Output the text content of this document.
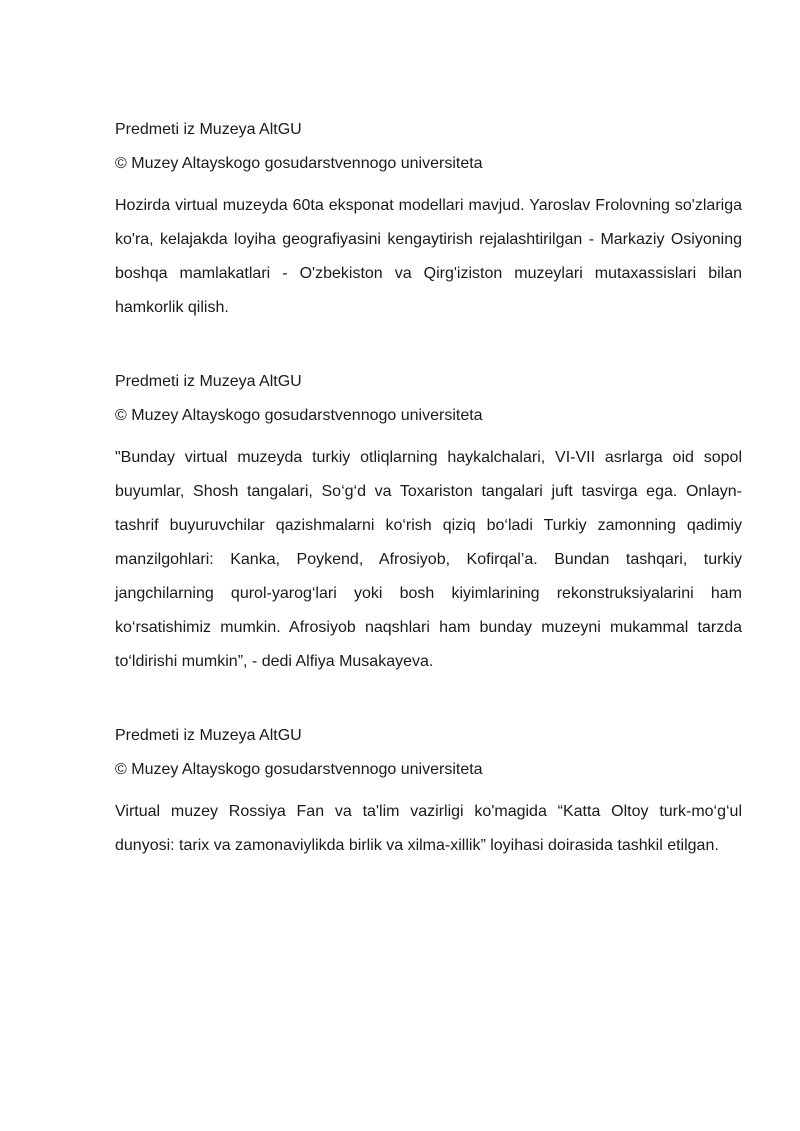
Predmeti iz Muzeya AltGU

© Muzey Altayskogo gosudarstvennogo universiteta

Hozirda virtual muzeyda 60ta eksponat modellari mavjud. Yaroslav Frolovning so'zlariga ko'ra, kelajakda loyiha geografiyasini kengaytirish rejalashtirilgan - Markaziy Osiyoning boshqa mamlakatlari - O'zbekiston va Qirg'iziston muzeylari mutaxassislari bilan hamkorlik qilish.

Predmeti iz Muzeya AltGU

© Muzey Altayskogo gosudarstvennogo universiteta

"Bunday virtual muzeyda turkiy otliqlarning haykalchalari, VI-VII asrlarga oid sopol buyumlar, Shosh tangalari, So‘g‘d va Toxariston tangalari juft tasvirga ega. Onlayn-tashrif buyuruvchilar qazishmalarni ko‘rish qiziq bo‘ladi Turkiy zamonning qadimiy manzilgohlari: Kanka, Poykend, Afrosiyob, Kofirqal’a. Bundan tashqari, turkiy jangchilarning qurol-yarog‘lari yoki bosh kiyimlarining rekonstruksiyalarini ham ko‘rsatishimiz mumkin. Afrosiyob naqshlari ham bunday muzeyni mukammal tarzda to‘ldirishi mumkin”, - dedi Alfiya Musakayeva.

Predmeti iz Muzeya AltGU

© Muzey Altayskogo gosudarstvennogo universiteta

Virtual muzey Rossiya Fan va ta'lim vazirligi ko'magida “Katta Oltoy turk-mo‘g‘ul dunyosi: tarix va zamonaviylikda birlik va xilma-xillik” loyihasi doirasida tashkil etilgan.
